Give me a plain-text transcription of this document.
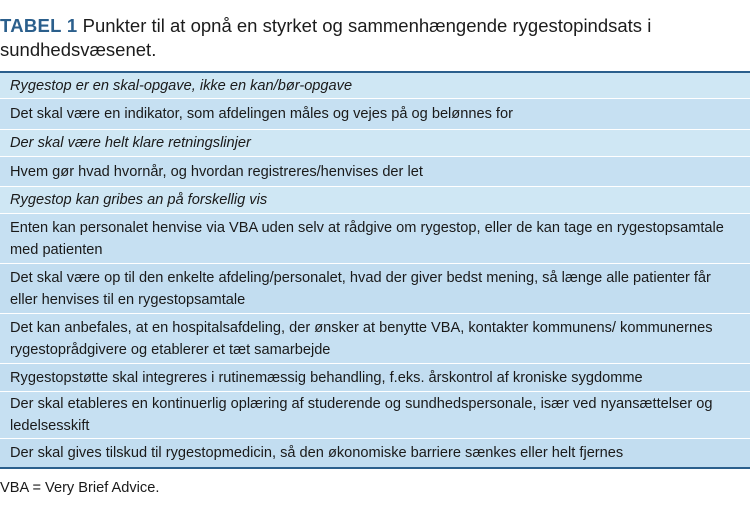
TABEL 1 Punkter til at opnå en styrket og sammenhængende rygestopindsats i sundhedsvæsenet.
Rygestop er en skal-opgave, ikke en kan/bør-opgave
Det skal være en indikator, som afdelingen måles og vejes på og belønnes for
Der skal være helt klare retningslinjer
Hvem gør hvad hvornår, og hvordan registreres/henvises der let
Rygestop kan gribes an på forskellig vis
Enten kan personalet henvise via VBA uden selv at rådgive om rygestop, eller de kan tage en rygestopsamtale med patienten
Det skal være op til den enkelte afdeling/personalet, hvad der giver bedst mening, så længe alle patienter får eller henvises til en rygestopsamtale
Det kan anbefales, at en hospitalsafdeling, der ønsker at benytte VBA, kontakter kommunens/ kommunernes rygestoprådgivere og etablerer et tæt samarbejde
Rygestopstøtte skal integreres i rutinemæssig behandling, f.eks. årskontrol af kroniske sygdomme
Der skal etableres en kontinuerlig oplæring af studerende og sundhedspersonale, især ved nyansættelser og ledelsesskift
Der skal gives tilskud til rygestopmedicin, så den økonomiske barriere sænkes eller helt fjernes
VBA = Very Brief Advice.
